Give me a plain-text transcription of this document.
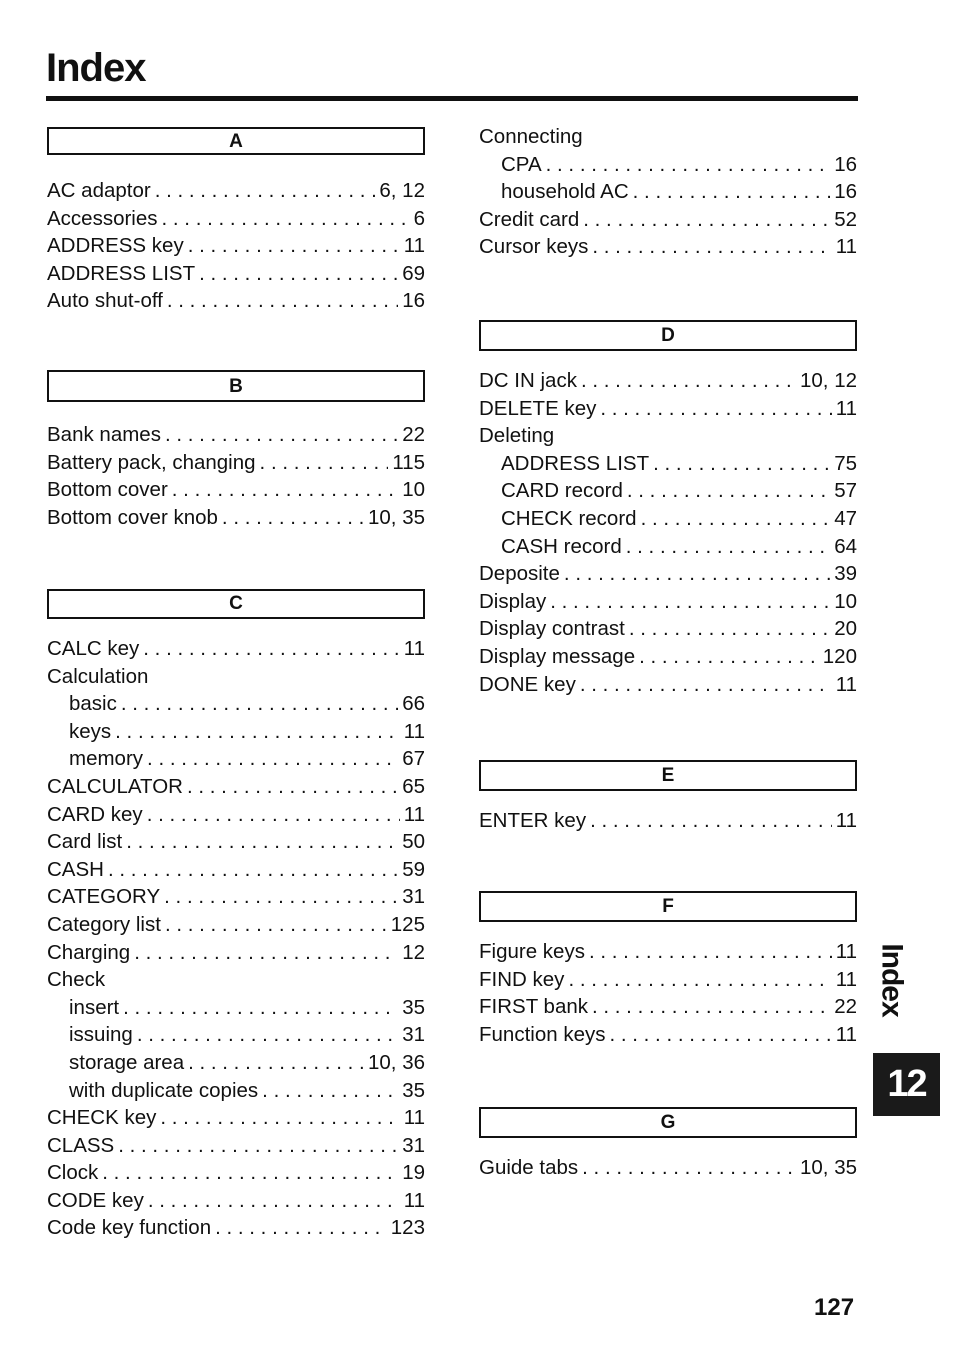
Index
A
AC adaptor . . .	6, 12
Accessories . . .	6
ADDRESS key . . .	11
ADDRESS LIST . . .	69
Auto shut-off . . .	16
B
Bank names . . .	22
Battery pack, changing . . .	115
Bottom cover . . .	10
Bottom cover knob . . .	10, 35
C
CALC key . . .	11
Calculation
basic . . .	66
keys . . .	11
memory . . .	67
CALCULATOR . . .	65
CARD key . . .	11
Card list . . .	50
CASH . . .	59
CATEGORY . . .	31
Category list . . .	125
Charging . . .	12
Check
insert . . .	35
issuing . . .	31
storage area . . .	10, 36
with duplicate copies . . .	35
CHECK key . . .	11
CLASS . . .	31
Clock . . .	19
CODE key . . .	11
Code key function . . .	123
Connecting
CPA . . .	16
household AC . . .	16
Credit card . . .	52
Cursor keys . . .	11
D
DC IN jack . . .	10, 12
DELETE key . . .	11
Deleting
ADDRESS LIST . . .	75
CARD record . . .	57
CHECK record . . .	47
CASH record . . .	64
Deposite . . .	39
Display . . .	10
Display contrast . . .	20
Display message . . .	120
DONE key . . .	11
E
ENTER key . . .	11
F
Figure keys . . .	11
FIND key . . .	11
FIRST bank . . .	22
Function keys . . .	11
G
Guide tabs . . .	10, 35
Index
12
127
